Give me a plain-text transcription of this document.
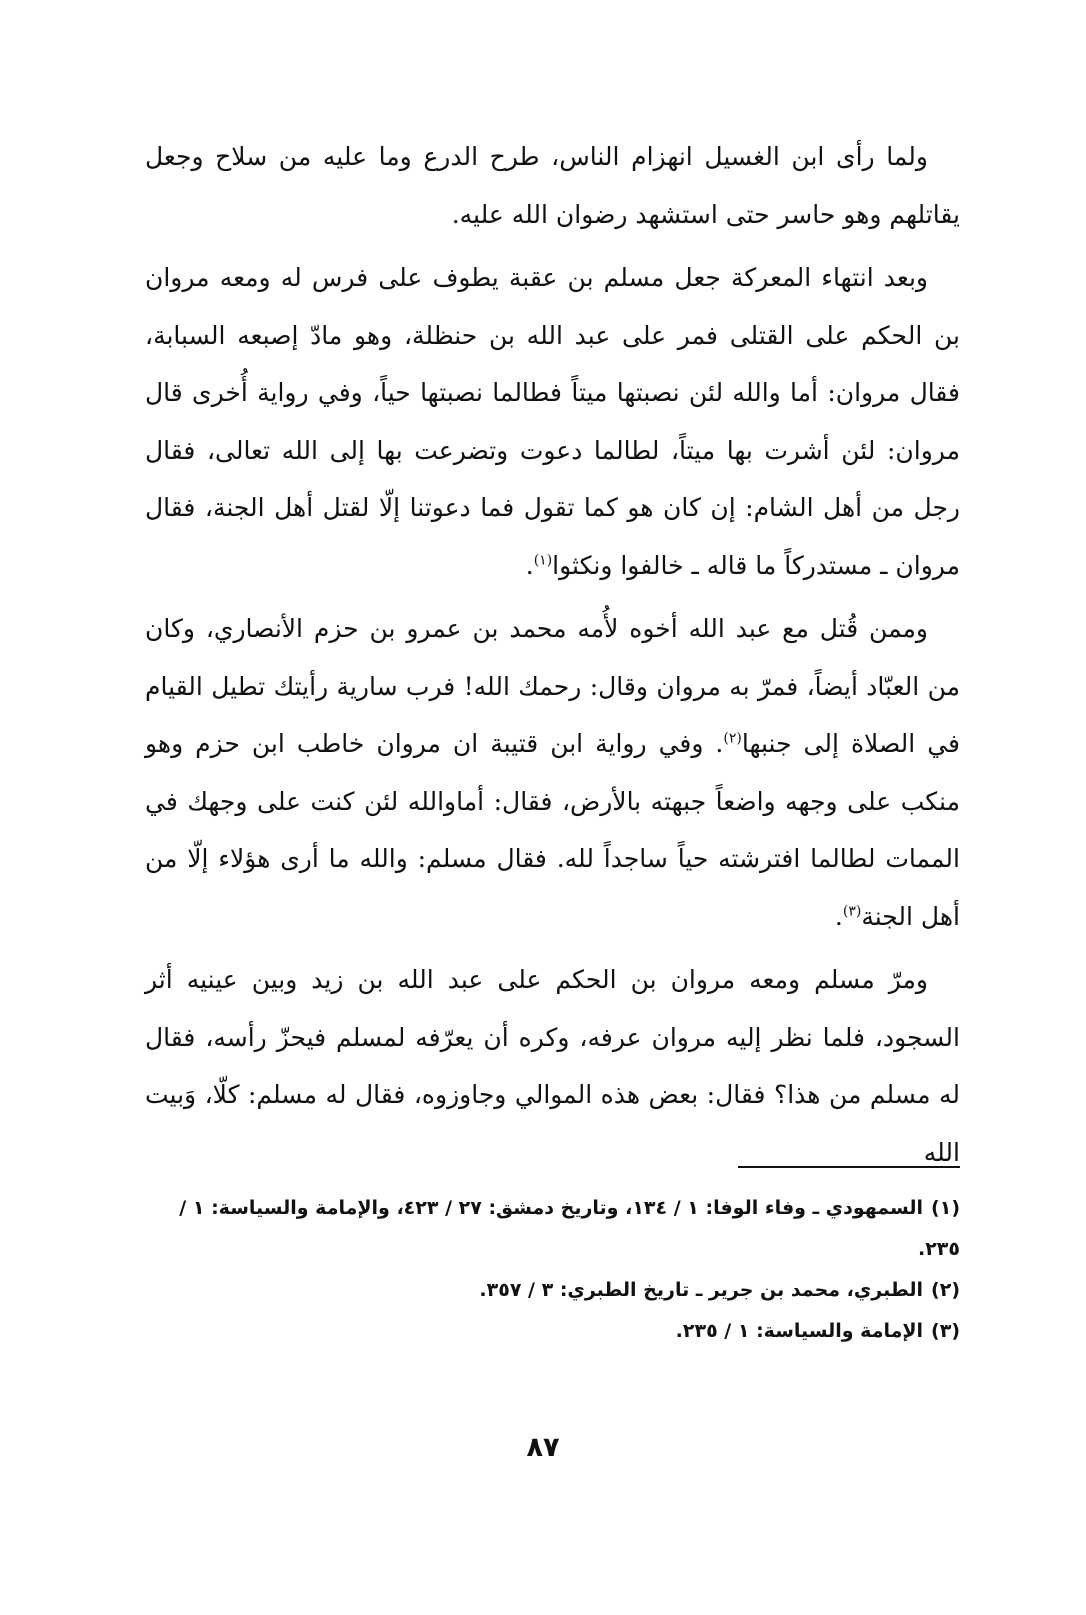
ولما رأى ابن الغسيل انهزام الناس، طرح الدرع وما عليه من سلاح وجعل يقاتلهم وهو حاسر حتى استشهد رضوان الله عليه.

وبعد انتهاء المعركة جعل مسلم بن عقبة يطوف على فرس له ومعه مروان بن الحكم على القتلى فمر على عبد الله بن حنظلة، وهو مادّ إصبعه السبابة، فقال مروان: أما والله لئن نصبتها ميتاً فطالما نصبتها حياً، وفي رواية أُخرى قال مروان: لئن أشرت بها ميتاً، لطالما دعوت وتضرعت بها إلى الله تعالى، فقال رجل من أهل الشام: إن كان هو كما تقول فما دعوتنا إلّا لقتل أهل الجنة، فقال مروان ـ مستدركاً ما قاله ـ خالفوا ونكثوا$^{(١)}$.

وممن قُتل مع عبد الله أخوه لأُمه محمد بن عمرو بن حزم الأنصاري، وكان من العبّاد أيضاً، فمرّ به مروان وقال: رحمك الله! فرب سارية رأيتك تطيل القيام في الصلاة إلى جنبها$^{(٢)}$. وفي رواية ابن قتيبة ان مروان خاطب ابن حزم وهو منكب على وجهه واضعاً جبهته بالأرض، فقال: أماوالله لئن كنت على وجهك في الممات لطالما افترشته حياً ساجداً لله. فقال مسلم: والله ما أرى هؤلاء إلّا من أهل الجنة$^{(٣)}$.

ومرّ مسلم ومعه مروان بن الحكم على عبد الله بن زيد وبين عينيه أثر السجود، فلما نظر إليه مروان عرفه، وكره أن يعرّفه لمسلم فيحزّ رأسه، فقال له مسلم من هذا؟ فقال: بعض هذه الموالي وجاوزوه، فقال له مسلم: كلّا، وَبيت الله

(١)السمهودي ـ وفاء الوفا: ١ / ١٣٤، وتاريخ دمشق: ٢٧ / ٤٢٣، والإمامة والسياسة: ١ / ٢٣٥.

(٢)الطبري، محمد بن جرير ـ تاريخ الطبري: ٣ / ٣٥٧.

(٣)الإمامة والسياسة: ١ / ٢٣٥.

٨٧
